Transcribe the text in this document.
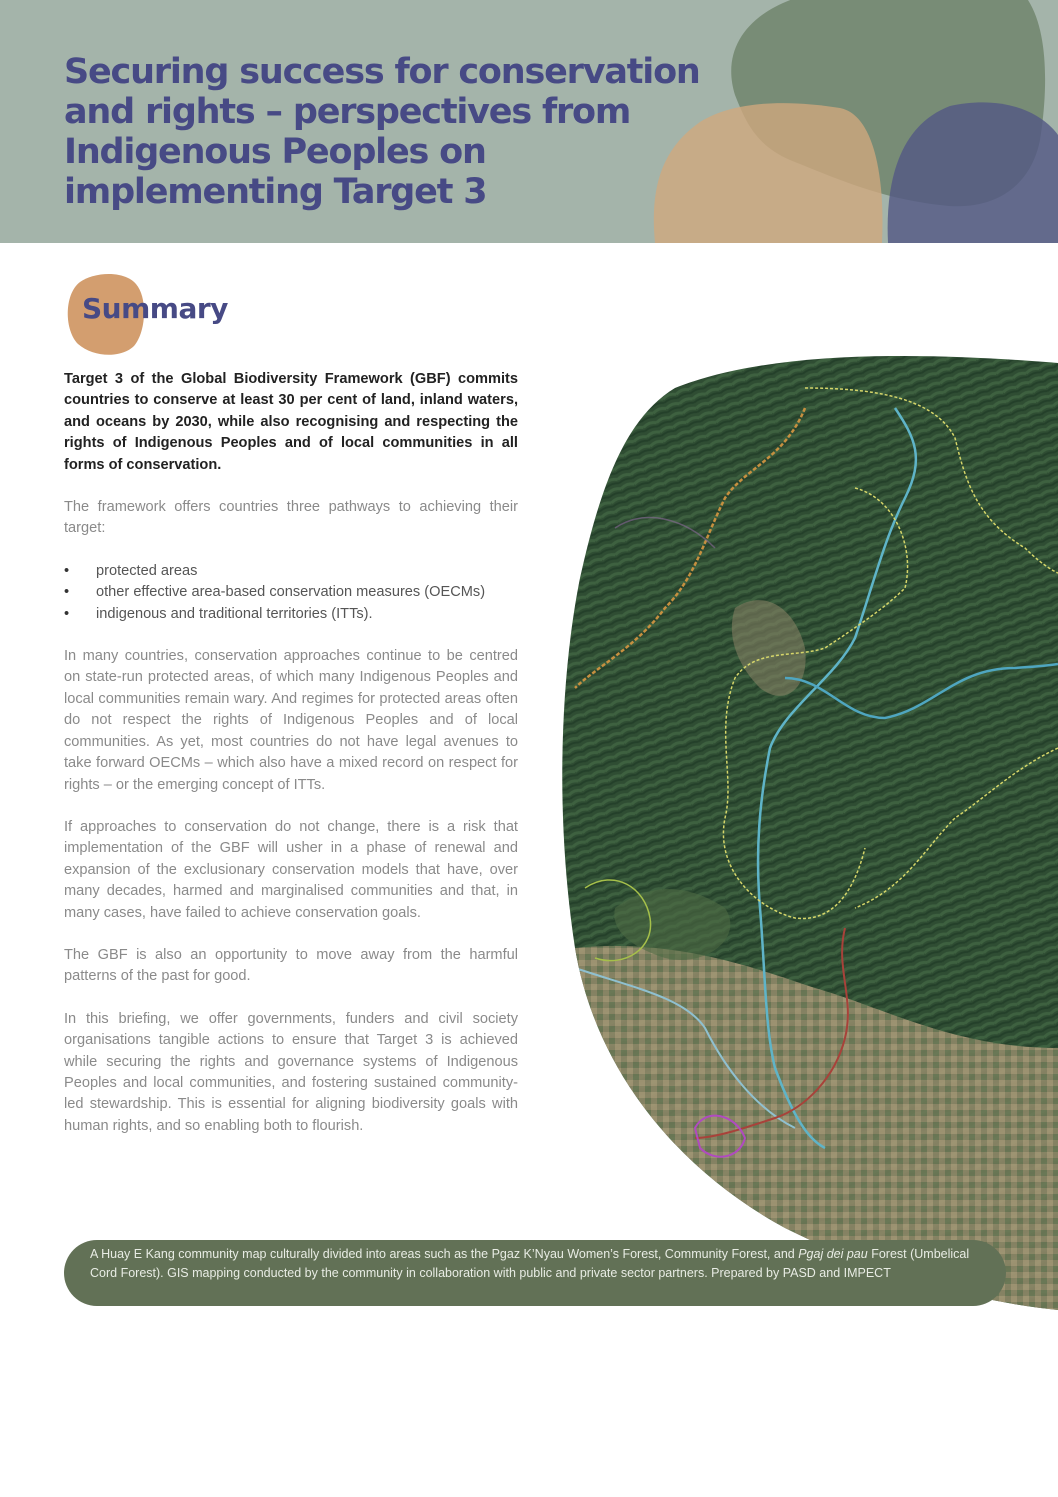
Securing success for conservation and rights – perspectives from Indigenous Peoples on implementing Target 3
Summary

Target 3 of the Global Biodiversity Framework (GBF) commits countries to conserve at least 30 per cent of land, inland waters, and oceans by 2030, while also recognising and respecting the rights of Indigenous Peoples and of local communities in all forms of conservation.

The framework offers countries three pathways to achieving their target:

• protected areas
• other effective area-based conservation measures (OECMs)
• indigenous and traditional territories (ITTs).

In many countries, conservation approaches continue to be centred on state-run protected areas, of which many Indigenous Peoples and local communities remain wary. And regimes for protected areas often do not respect the rights of Indigenous Peoples and of local communities. As yet, most countries do not have legal avenues to take forward OECMs – which also have a mixed record on respect for rights – or the emerging concept of ITTs.

If approaches to conservation do not change, there is a risk that implementation of the GBF will usher in a phase of renewal and expansion of the exclusionary conservation models that have, over many decades, harmed and marginalised communities and that, in many cases, have failed to achieve conservation goals.

The GBF is also an opportunity to move away from the harmful patterns of the past for good.

In this briefing, we offer governments, funders and civil society organisations tangible actions to ensure that Target 3 is achieved while securing the rights and governance systems of Indigenous Peoples and local communities, and fostering sustained community-led stewardship. This is essential for aligning biodiversity goals with human rights, and so enabling both to flourish.

A Huay E Kang community map culturally divided into areas such as the Pgaz K’Nyau Women’s Forest, Community Forest, and Pgaj dei pau Forest (Umbelical Cord Forest). GIS mapping conducted by the community in collaboration with public and private sector partners. Prepared by PASD and IMPECT
